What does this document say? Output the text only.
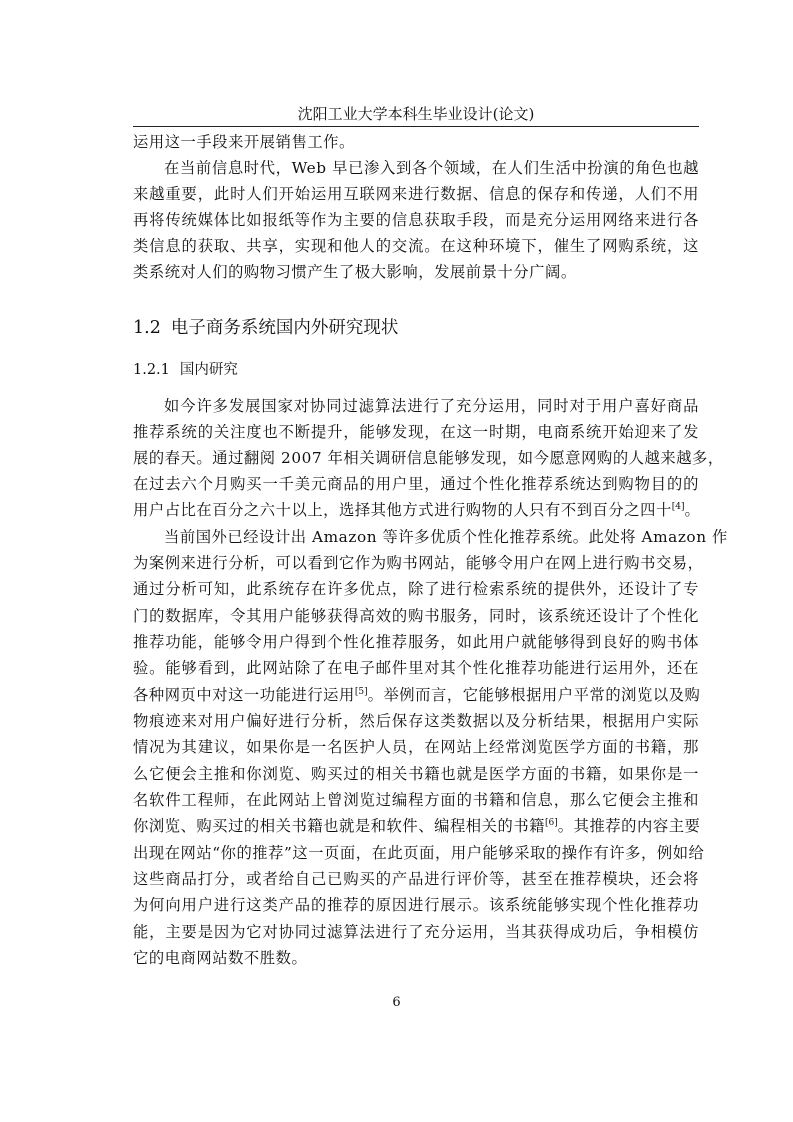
沈阳工业大学本科生毕业设计(论文)
运用这一手段来开展销售工作。
在当前信息时代，Web 早已渗入到各个领域，在人们生活中扮演的角色也越
来越重要，此时人们开始运用互联网来进行数据、信息的保存和传递，人们不用
再将传统媒体比如报纸等作为主要的信息获取手段，而是充分运用网络来进行各
类信息的获取、共享，实现和他人的交流。在这种环境下，催生了网购系统，这
类系统对人们的购物习惯产生了极大影响，发展前景十分广阔。
1.2 电子商务系统国内外研究现状
1.2.1 国内研究
如今许多发展国家对协同过滤算法进行了充分运用，同时对于用户喜好商品
推荐系统的关注度也不断提升，能够发现，在这一时期，电商系统开始迎来了发
展的春天。通过翻阅 2007 年相关调研信息能够发现，如今愿意网购的人越来越多，
在过去六个月购买一千美元商品的用户里，通过个性化推荐系统达到购物目的的
用户占比在百分之六十以上，选择其他方式进行购物的人只有不到百分之四十[4]。
当前国外已经设计出 Amazon 等许多优质个性化推荐系统。此处将 Amazon 作
为案例来进行分析，可以看到它作为购书网站，能够令用户在网上进行购书交易，
通过分析可知，此系统存在许多优点，除了进行检索系统的提供外，还设计了专
门的数据库，令其用户能够获得高效的购书服务，同时，该系统还设计了个性化
推荐功能，能够令用户得到个性化推荐服务，如此用户就能够得到良好的购书体
验。能够看到，此网站除了在电子邮件里对其个性化推荐功能进行运用外，还在
各种网页中对这一功能进行运用[5]。举例而言，它能够根据用户平常的浏览以及购
物痕迹来对用户偏好进行分析，然后保存这类数据以及分析结果，根据用户实际
情况为其建议，如果你是一名医护人员，在网站上经常浏览医学方面的书籍，那
么它便会主推和你浏览、购买过的相关书籍也就是医学方面的书籍，如果你是一
名软件工程师，在此网站上曾浏览过编程方面的书籍和信息，那么它便会主推和
你浏览、购买过的相关书籍也就是和软件、编程相关的书籍[6]。其推荐的内容主要
出现在网站“你的推荐”这一页面，在此页面，用户能够采取的操作有许多，例如给
这些商品打分，或者给自己已购买的产品进行评价等，甚至在推荐模块，还会将
为何向用户进行这类产品的推荐的原因进行展示。该系统能够实现个性化推荐功
能，主要是因为它对协同过滤算法进行了充分运用，当其获得成功后，争相模仿
它的电商网站数不胜数。
6
